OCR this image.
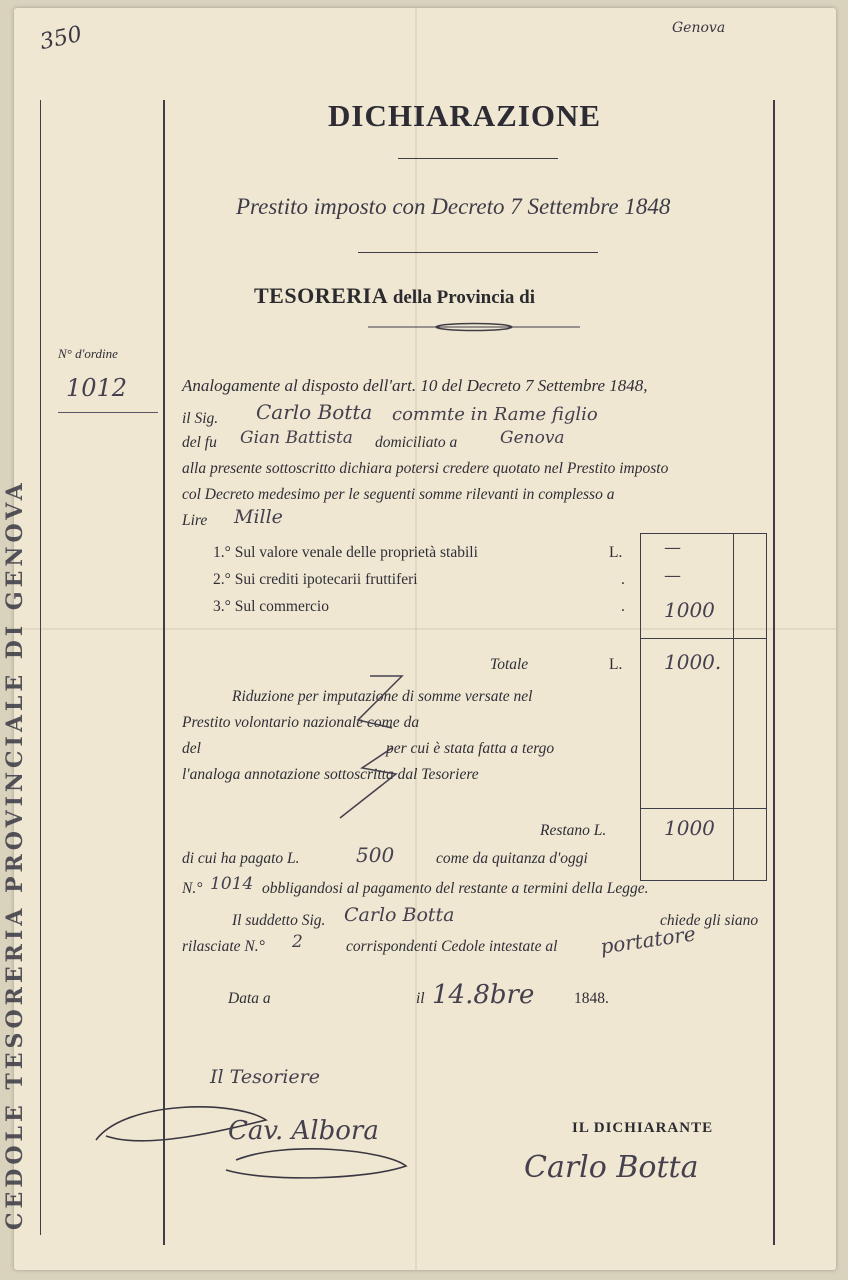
350	Genova
CEDOLE TESORERIA PROVINCIALE DI GENOVA
DICHIARAZIONE
Prestito imposto con Decreto 7 Settembre 1848
TESORERIA della Provincia di
N° d'ordine
1012	Analogamente al disposto dell'art. 10 del Decreto 7 Settembre 1848,
il Sig. Carlo Botta commte in Rame figlio
del fu Gian Battista domiciliato a	Genova
alla presente sottoscritto dichiara potersi credere quotato nel Prestito imposto
col Decreto medesimo per le seguenti somme rilevanti in complesso a
Lire Mille
1.° Sul valore venale delle proprietà stabili	L. —
2.° Sui crediti ipotecarii fruttiferi	. —
3.° Sul commercio	. 1000
Totale	L. 1000.
Riduzione per imputazione di somme versate nel
Prestito volontario nazionale come da
del	per cui è stata fatta a tergo
l'analoga annotazione sottoscritta dal Tesoriere
Restano L.	1000
di cui ha pagato L.	500	come da quitanza d'oggi
N.° 1014 obbligandosi al pagamento del restante a termini della Legge.
Il suddetto Sig. Carlo Botta	chiede gli siano
rilasciate N.° 2	corrispondenti Cedole intestate al portatore
Data a	il 14.8bre	1848.
Il Tesoriere
Cav. Albora	IL DICHIARANTE
Carlo Botta
